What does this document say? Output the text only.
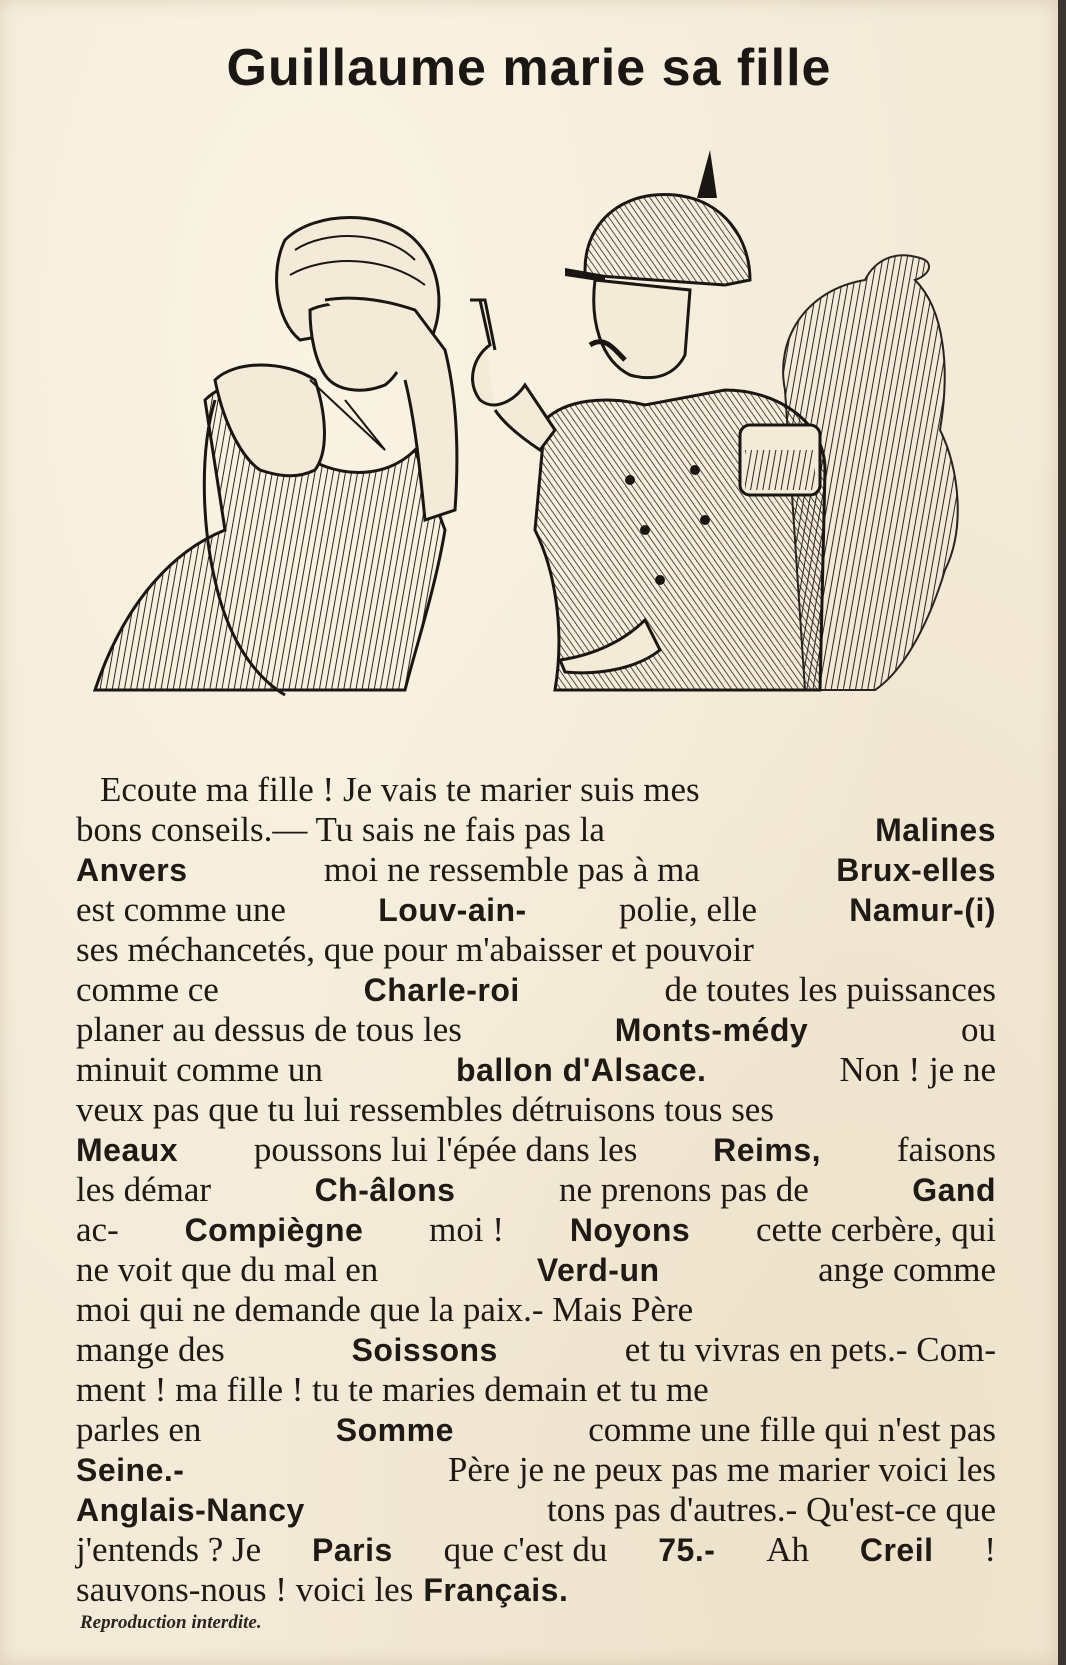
Guillaume marie sa fille
Ecoute ma fille ! Je vais te marier suis mes
bons conseils.— Tu sais ne fais pas la	Malines
Anvers	moi ne ressemble pas à ma	Brux-elles
est comme une	Louv-ain-	polie, elle	Namur-(i)
ses méchancetés, que pour m'abaisser et pouvoir
comme ce	Charle-roi	de toutes les puissances
planer au dessus de tous les	Monts-médy	ou
minuit comme un	ballon d'Alsace.	Non ! je ne
veux pas que tu lui ressembles détruisons tous ses
Meaux poussons lui l'épée dans les Reims, faisons
les démar	Ch-âlons	ne prenons pas de	Gand
ac- Compiègne moi ! Noyons cette cerbère, qui
ne voit que du mal en	Verd-un	ange comme
moi qui ne demande que la paix.- Mais Père
mange des	Soissons	et tu vivras en pets.- Com-
ment ! ma fille ! tu te maries demain et tu me
parles en	Somme	comme une fille qui n'est pas
Seine.-	Père je ne peux pas me marier voici les
Anglais-Nancy	tons pas d'autres.- Qu'est-ce que
j'entends ? Je Paris que c'est du 75.- Ah Creil !
sauvons-nous ! voici les Français.
Reproduction interdite.
